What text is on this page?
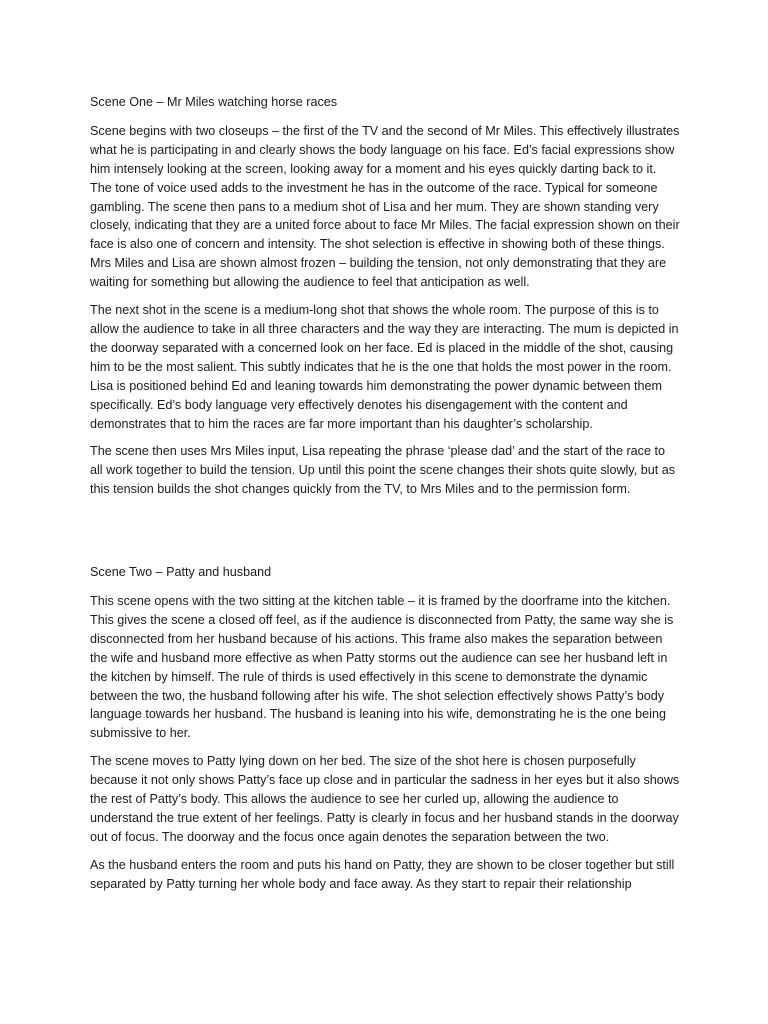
Scene One – Mr Miles watching horse races

Scene begins with two closeups – the first of the TV and the second of Mr Miles. This effectively illustrates what he is participating in and clearly shows the body language on his face. Ed’s facial expressions show him intensely looking at the screen, looking away for a moment and his eyes quickly darting back to it. The tone of voice used adds to the investment he has in the outcome of the race. Typical for someone gambling. The scene then pans to a medium shot of Lisa and her mum. They are shown standing very closely, indicating that they are a united force about to face Mr Miles. The facial expression shown on their face is also one of concern and intensity. The shot selection is effective in showing both of these things. Mrs Miles and Lisa are shown almost frozen – building the tension, not only demonstrating that they are waiting for something but allowing the audience to feel that anticipation as well.

The next shot in the scene is a medium-long shot that shows the whole room. The purpose of this is to allow the audience to take in all three characters and the way they are interacting. The mum is depicted in the doorway separated with a concerned look on her face. Ed is placed in the middle of the shot, causing him to be the most salient. This subtly indicates that he is the one that holds the most power in the room. Lisa is positioned behind Ed and leaning towards him demonstrating the power dynamic between them specifically. Ed’s body language very effectively denotes his disengagement with the content and demonstrates that to him the races are far more important than his daughter’s scholarship.

The scene then uses Mrs Miles input, Lisa repeating the phrase ‘please dad’ and the start of the race to all work together to build the tension. Up until this point the scene changes their shots quite slowly, but as this tension builds the shot changes quickly from the TV, to Mrs Miles and to the permission form.

Scene Two – Patty and husband

This scene opens with the two sitting at the kitchen table – it is framed by the doorframe into the kitchen. This gives the scene a closed off feel, as if the audience is disconnected from Patty, the same way she is disconnected from her husband because of his actions. This frame also makes the separation between the wife and husband more effective as when Patty storms out the audience can see her husband left in the kitchen by himself. The rule of thirds is used effectively in this scene to demonstrate the dynamic between the two, the husband following after his wife. The shot selection effectively shows Patty’s body language towards her husband. The husband is leaning into his wife, demonstrating he is the one being submissive to her.

The scene moves to Patty lying down on her bed. The size of the shot here is chosen purposefully because it not only shows Patty’s face up close and in particular the sadness in her eyes but it also shows the rest of Patty’s body. This allows the audience to see her curled up, allowing the audience to understand the true extent of her feelings. Patty is clearly in focus and her husband stands in the doorway out of focus. The doorway and the focus once again denotes the separation between the two.

As the husband enters the room and puts his hand on Patty, they are shown to be closer together but still separated by Patty turning her whole body and face away. As they start to repair their relationship
